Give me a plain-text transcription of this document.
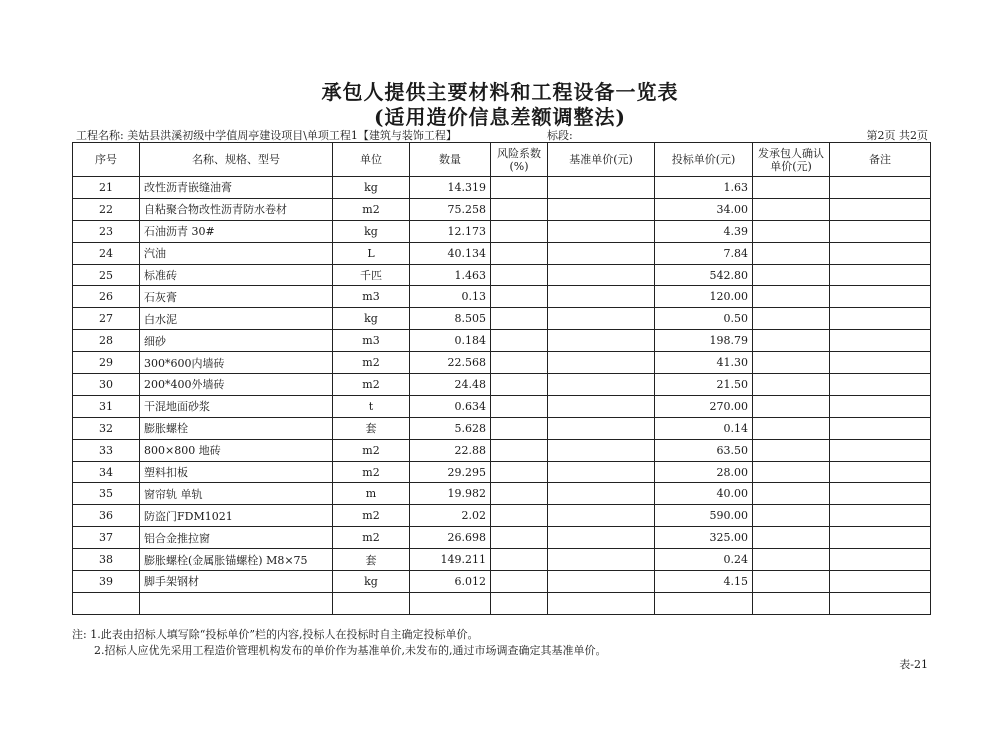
承包人提供主要材料和工程设备一览表
(适用造价信息差额调整法)
工程名称: 美姑县洪溪初级中学值周亭建设项目\单项工程1【建筑与装饰工程】	标段:	第2页 共2页
序号	名称、规格、型号	单位	数量	风险系数(%)	基准单价(元)	投标单价(元)	发承包人确认单价(元)	备注
21	改性沥青嵌缝油膏	kg	14.319			1.63		
22	自粘聚合物改性沥青防水卷材	m2	75.258			34.00		
23	石油沥青 30#	kg	12.173			4.39		
24	汽油	L	40.134			7.84		
25	标准砖	千匹	1.463			542.80		
26	石灰膏	m3	0.13			120.00		
27	白水泥	kg	8.505			0.50		
28	细砂	m3	0.184			198.79		
29	300*600内墙砖	m2	22.568			41.30		
30	200*400外墙砖	m2	24.48			21.50		
31	干混地面砂浆	t	0.634			270.00		
32	膨胀螺栓	套	5.628			0.14		
33	800×800 地砖	m2	22.88			63.50		
34	塑料扣板	m2	29.295			28.00		
35	窗帘轨 单轨	m	19.982			40.00		
36	防盗门FDM1021	m2	2.02			590.00		
37	铝合金推拉窗	m2	26.698			325.00		
38	膨胀螺栓(金属胀锚螺栓) M8×75	套	149.211			0.24		
39	脚手架钢材	kg	6.012			4.15		

注: 1.此表由招标人填写除“投标单价”栏的内容,投标人在投标时自主确定投标单价。
2.招标人应优先采用工程造价管理机构发布的单价作为基准单价,未发布的,通过市场调查确定其基准单价。
表-21
